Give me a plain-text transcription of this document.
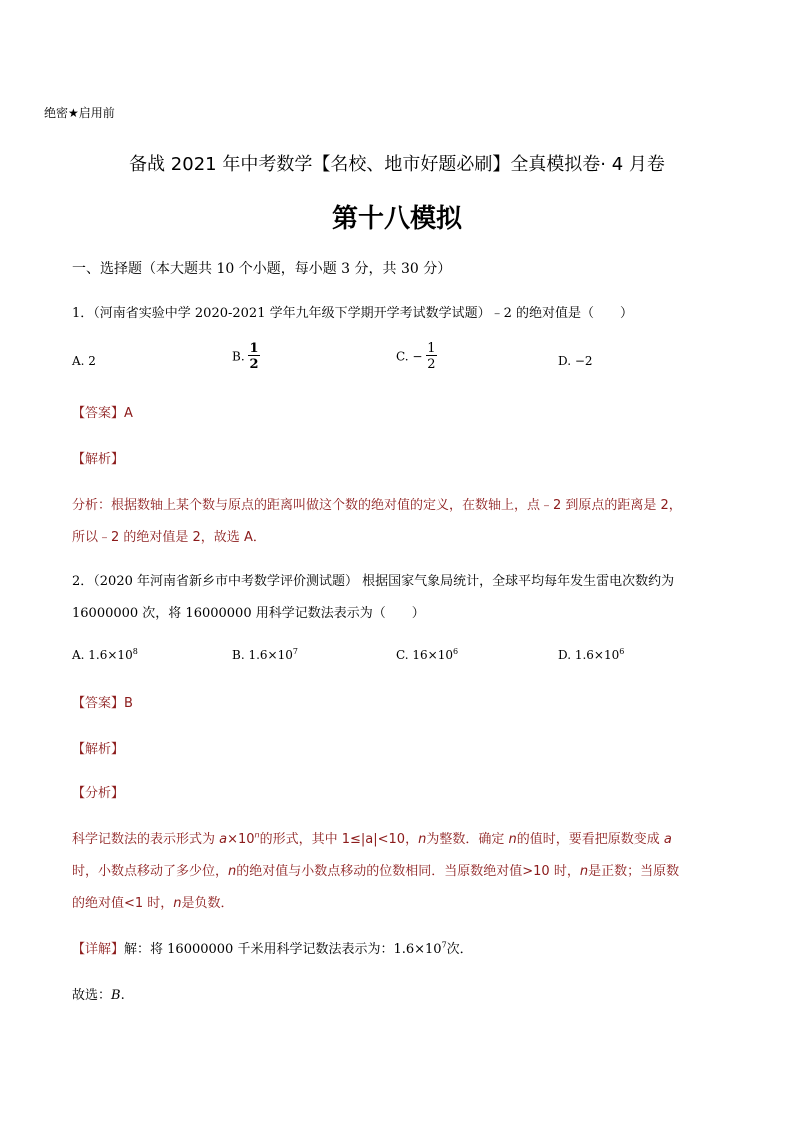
绝密★启用前
备战 2021 年中考数学【名校、地市好题必刷】全真模拟卷· 4 月卷
第十八模拟
一、选择题（本大题共 10 个小题，每小题 3 分，共 30 分）
1．（河南省实验中学 2020-2021 学年九年级下学期开学考试数学试题）﹣2 的绝对值是（　　）
A. 2	B. $\frac{1}{2}$	C. − $\frac{1}{2}$	D. −2
【答案】A
【解析】
分析：根据数轴上某个数与原点的距离叫做这个数的绝对值的定义，在数轴上，点﹣2 到原点的距离是 2，
所以﹣2 的绝对值是 2，故选 A．
2．（2020 年河南省新乡市中考数学评价测试题） 根据国家气象局统计，全球平均每年发生雷电次数约为
16000000 次，将 16000000 用科学记数法表示为（　　）
A. $1.6\times 10^8$	B. $1.6\times 10^7$	C. $16\times 10^6$	D. $1.6\times 10^6$
【答案】B
【解析】
【分析】
科学记数法的表示形式为 $a\times 10^n$的形式，其中 1≤|a|<10，n为整数．确定 n的值时，要看把原数变成 a
时，小数点移动了多少位，n的绝对值与小数点移动的位数相同．当原数绝对值>10 时，n是正数；当原数
的绝对值<1 时，n是负数．
【详解】解：将 16000000 千米用科学记数法表示为：$1.6\times 10^7$次．
故选：B.
